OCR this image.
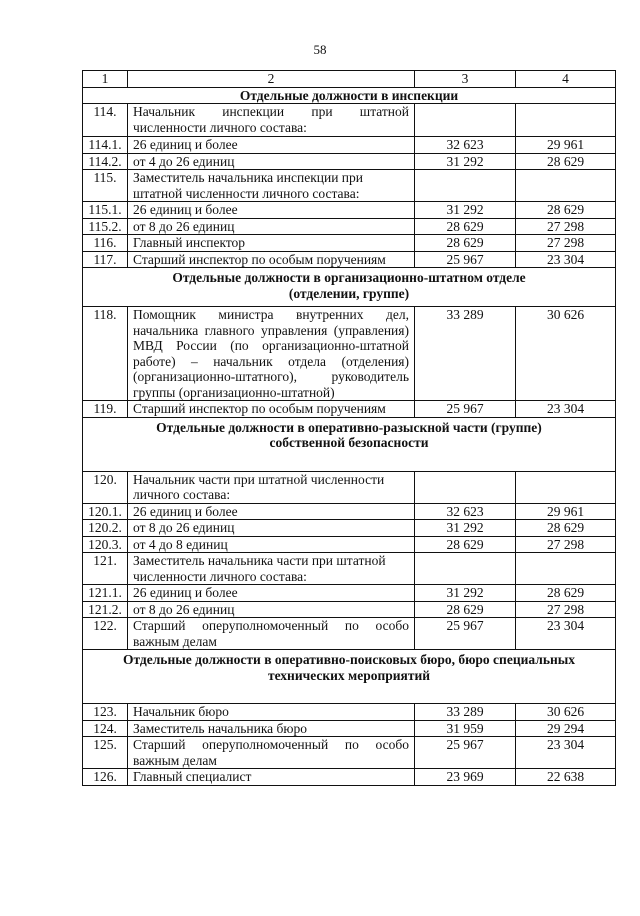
58
1	2	3	4
Отдельные должности в инспекции			
114.	Начальник инспекции при штатной численности личного состава:		
114.1.	26 единиц и более	32 623	29 961
114.2.	от 4 до 26 единиц	31 292	28 629
115.	Заместитель начальника инспекции при штатной численности личного состава:		
115.1.	26 единиц и более	31 292	28 629
115.2.	от 8 до 26 единиц	28 629	27 298
116.	Главный инспектор	28 629	27 298
117.	Старший инспектор по особым поручениям	25 967	23 304
Отдельные должности в организационно-штатном отделе (отделении, группе)			
118.	Помощник министра внутренних дел, начальника главного управления (управления) МВД России (по организационно-штатной работе) – начальник отдела (отделения) (организационно-штатного), руководитель группы (организационно-штатной)	33 289	30 626
119.	Старший инспектор по особым поручениям	25 967	23 304
Отдельные должности в оперативно-разыскной части (группе) собственной безопасности			
120.	Начальник части при штатной численности личного состава:		
120.1.	26 единиц и более	32 623	29 961
120.2.	от 8 до 26 единиц	31 292	28 629
120.3.	от 4 до 8 единиц	28 629	27 298
121.	Заместитель начальника части при штатной численности личного состава:		
121.1.	26 единиц и более	31 292	28 629
121.2.	от 8 до 26 единиц	28 629	27 298
122.	Старший оперуполномоченный по особо важным делам	25 967	23 304
Отдельные должности в оперативно-поисковых бюро, бюро специальных технических мероприятий			
123.	Начальник бюро	33 289	30 626
124.	Заместитель начальника бюро	31 959	29 294
125.	Старший оперуполномоченный по особо важным делам	25 967	23 304
126.	Главный специалист	23 969	22 638
